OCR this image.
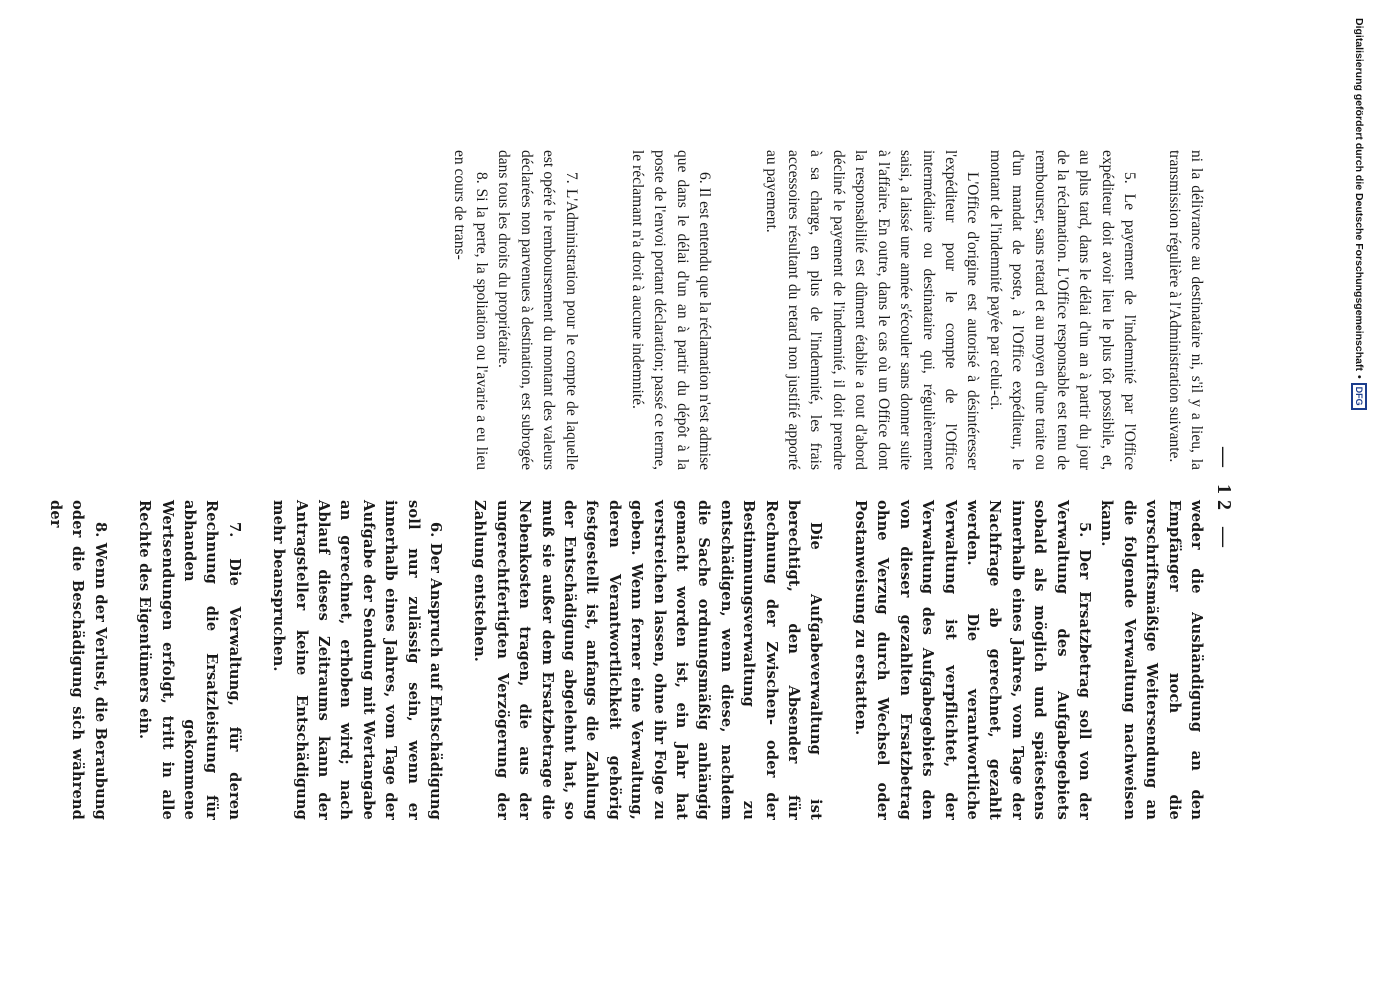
— 12 —

ni la délivrance au destinataire ni, s'il y a lieu, la transmission régulière à l'Administration suivante.

5. Le payement de l'indemnité par l'Office expéditeur doit avoir lieu le plus tôt possibile, et, au plus tard, dans le délai d'un an à partir du jour de la réclamation. L'Office responsable est tenu de rembourser, sans retard et au moyen d'une traite ou d'un mandat de poste, à l'Office expéditeur, le montant de l'indemnité payée par celui-ci.

L'Office d'origine est autorisé à désintéresser l'expéditeur pour le compte de l'Office intermédiaire ou destinataire qui, régulièrement saisi, a laissé une année s'écouler sans donner suite à l'affaire. En outre, dans le cas où un Office dont la responsabilité est dûment établie a tout d'abord décliné le payement de l'indemnité, il doit prendre à sa charge, en plus de l'indemnité, les frais accessoires résultant du retard non justifié apporté au payement.

6. Il est entendu que la réclamation n'est admise que dans le délai d'un an à partir du dépôt à la poste de l'envoi portant déclaration; passé ce terme, le réclamant n'a droit à aucune indemnité.

7. L'Administration pour le compte de laquelle est opéré le remboursement du montant des valeurs déclarées non parvenues à destination, est subrogée dans tous les droits du propriétaire.

8. Si la perte, la spoliation ou l'avarie a eu lieu en cours de trans-

weder die Aushändigung an den Empfänger noch die vorschriftsmäßige Weitersendung an die folgende Verwaltung nachweisen kann.

5. Der Ersatzbetrag soll von der Verwaltung des Aufgabegebiets sobald als möglich und spätestens innerhalb eines Jahres, vom Tage der Nachfrage ab gerechnet, gezahlt werden. Die verantwortliche Verwaltung ist verpflichtet, der Verwaltung des Aufgabegebiets den von dieser gezahlten Ersatzbetrag ohne Verzug durch Wechsel oder Postanweisung zu erstatten.

Die Aufgabeverwaltung ist berechtigt, den Absender für Rechnung der Zwischen- oder der Bestimmungsverwaltung zu entschädigen, wenn diese, nachdem die Sache ordnungsmäßig anhängig gemacht worden ist, ein Jahr hat verstreichen lassen, ohne ihr Folge zu geben. Wenn ferner eine Verwaltung, deren Verantwortlichkeit gehörig festgestellt ist, anfangs die Zahlung der Entschädigung abgelehnt hat, so muß sie außer dem Ersatzbetrage die Nebenkosten tragen, die aus der ungerechtfertigten Verzögerung der Zahlung entstehen.

6. Der Anspruch auf Entschädigung soll nur zulässig sein, wenn er innerhalb eines Jahres, vom Tage der Aufgabe der Sendung mit Wertangabe an gerechnet, erhoben wird; nach Ablauf dieses Zeitraums kann der Antragsteller keine Entschädigung mehr beanspruchen.

7. Die Verwaltung, für deren Rechnung die Ersatzleistung für abhanden gekommene Wertsendungen erfolgt, tritt in alle Rechte des Eigentümers ein.

8. Wenn der Verlust, die Beraubung oder die Beschädigung sich während der

Digitalisierung gefördert durch die Deutsche Forschungsgemeinschaft
•
DFG
